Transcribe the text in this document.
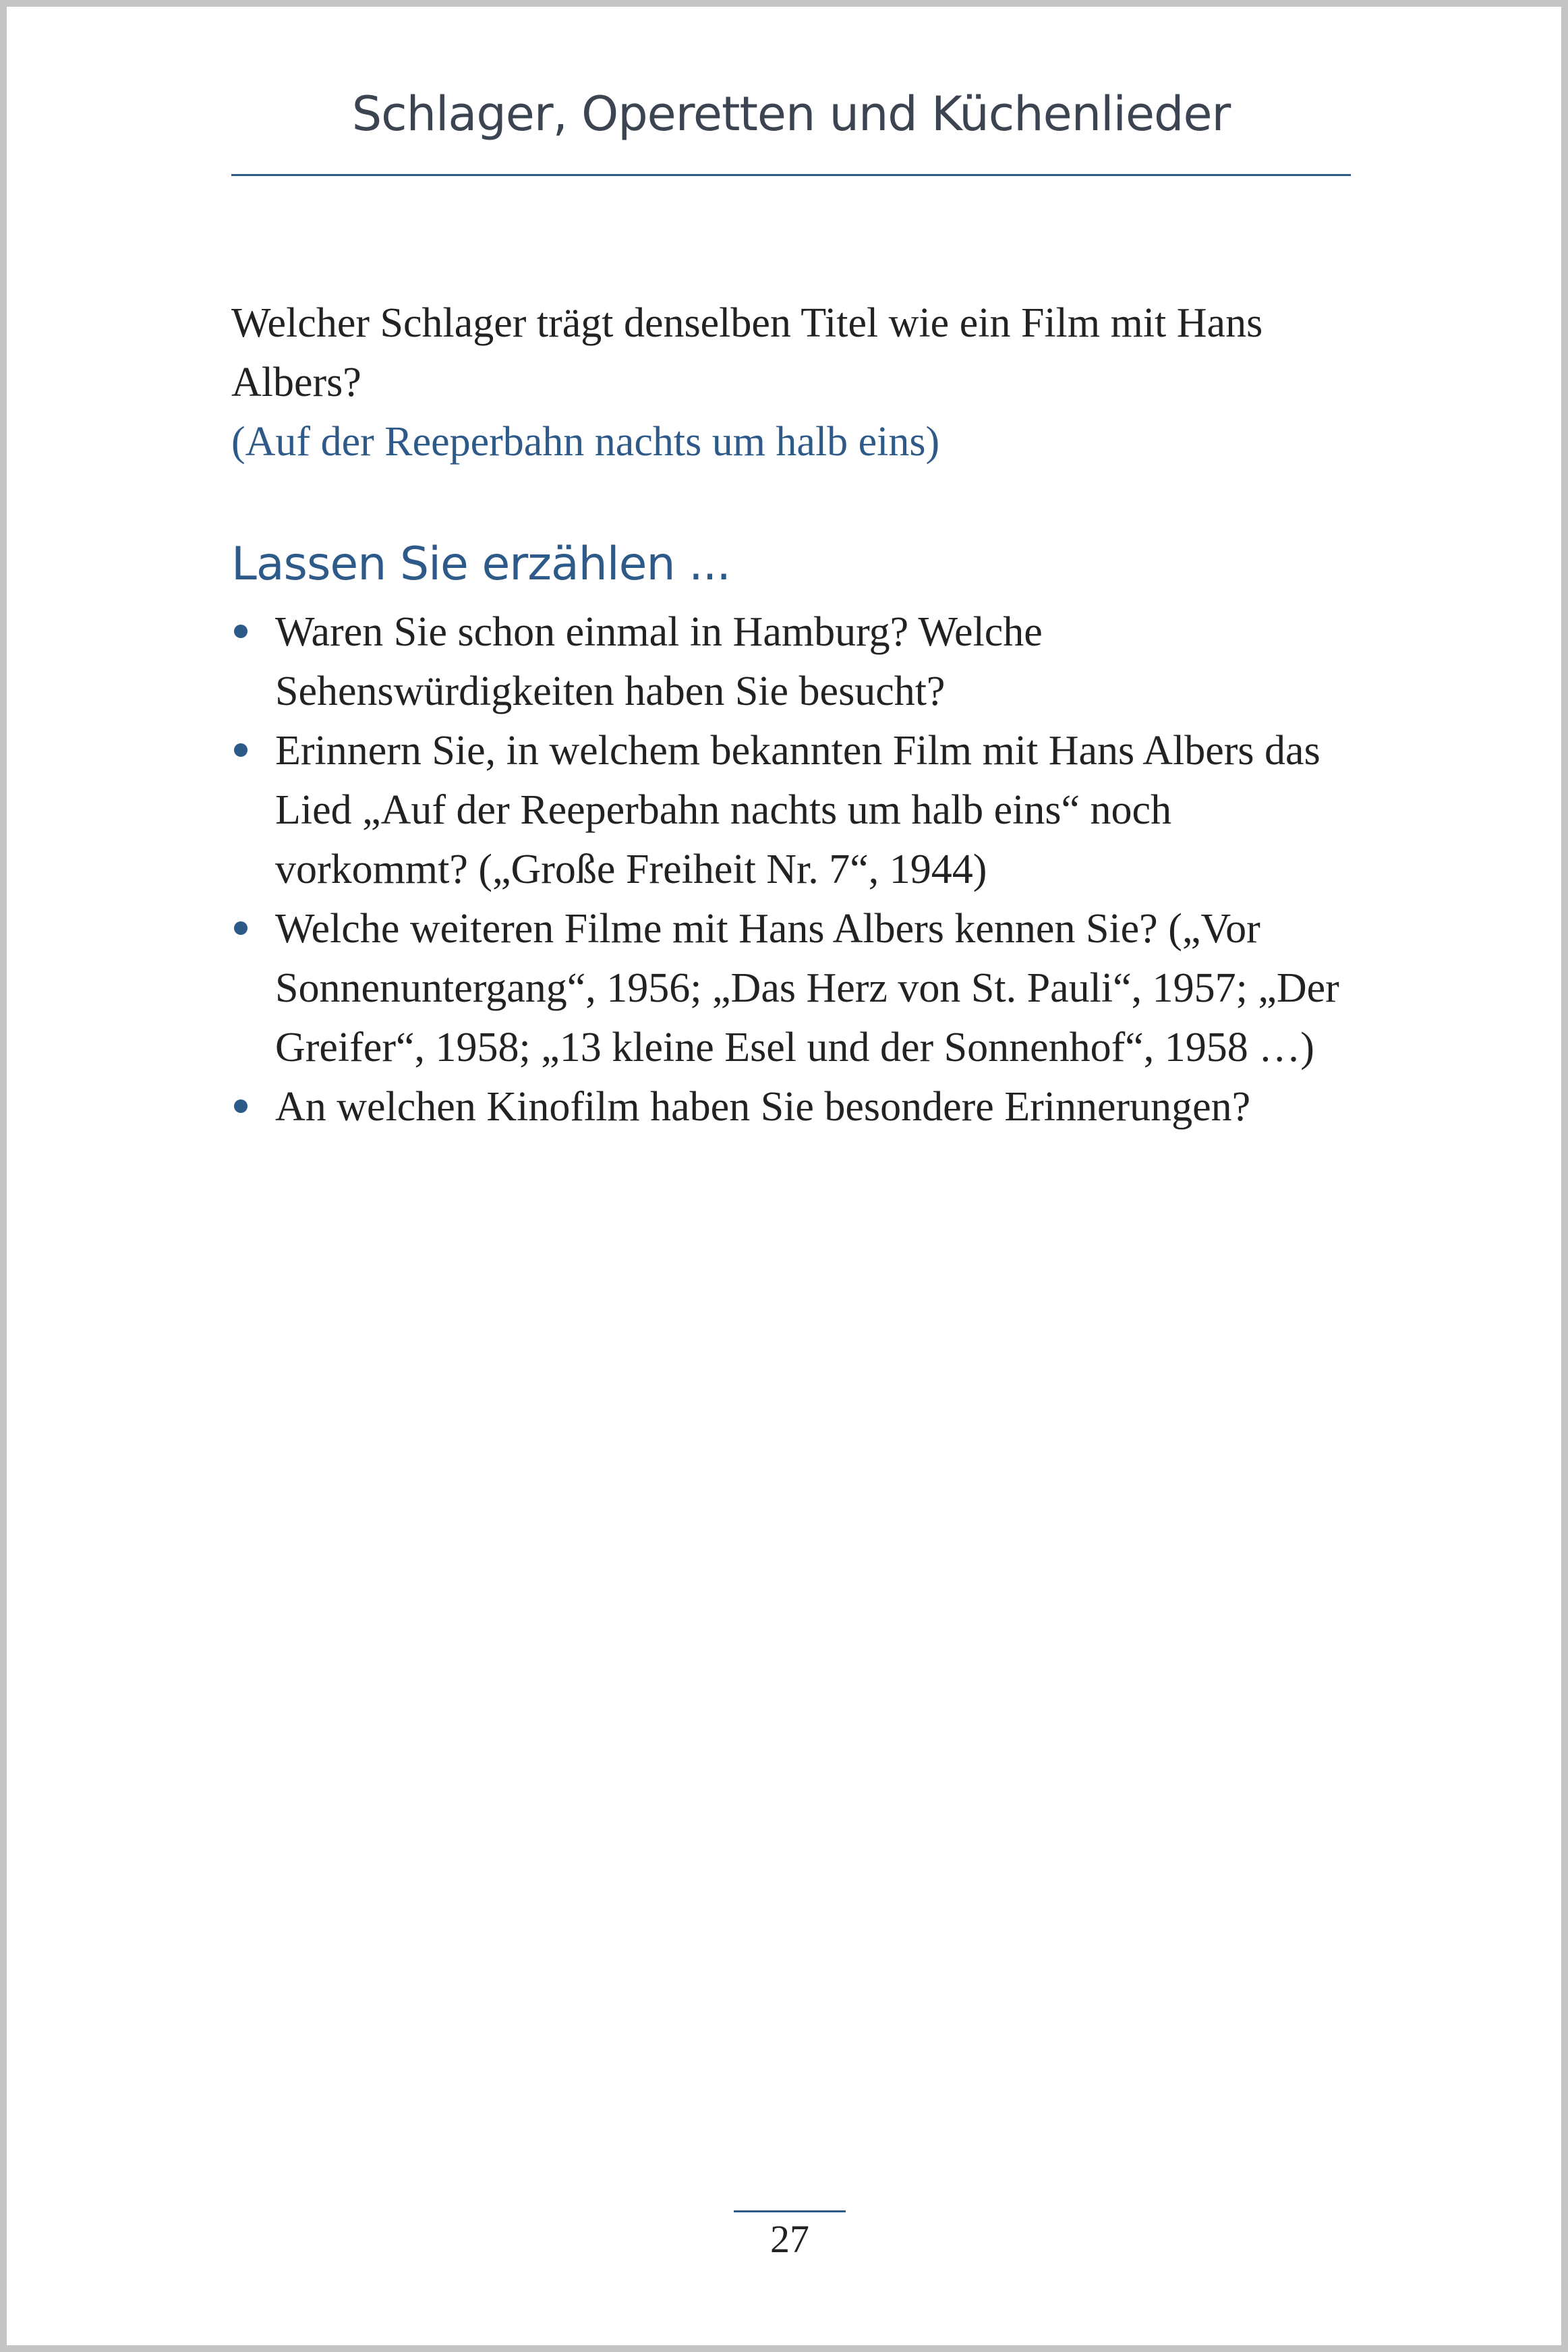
Schlager, Operetten und Küchenlieder

Welcher Schlager trägt denselben Titel wie ein Film mit Hans Albers?

(Auf der Reeperbahn nachts um halb eins)

Lassen Sie erzählen ...
Waren Sie schon einmal in Hamburg? Welche Sehenswürdigkeiten haben Sie besucht?
Erinnern Sie, in welchem bekannten Film mit Hans Albers das Lied „Auf der Reeperbahn nachts um halb eins“ noch vorkommt? („Große Freiheit Nr. 7“, 1944)
Welche weiteren Filme mit Hans Albers kennen Sie? („Vor Sonnenuntergang“, 1956; „Das Herz von St. Pauli“, 1957; „Der Greifer“, 1958; „13 kleine Esel und der Sonnenhof“, 1958 …)
An welchen Kinofilm haben Sie besondere Erinnerungen?
27
